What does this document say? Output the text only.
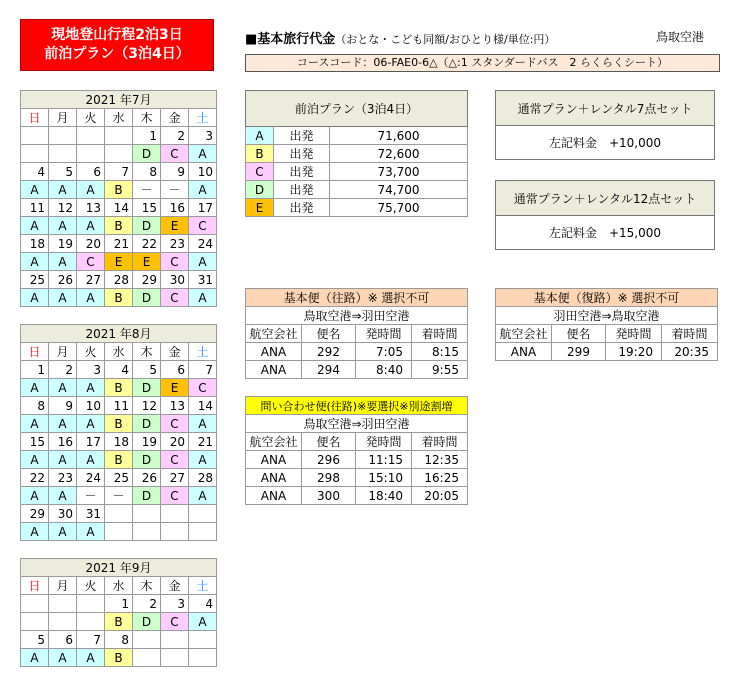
現地登山行程2泊3日
前泊プラン（3泊4日）
■基本旅行代金（おとな・こども同額/おひとり様/単位:円）	鳥取空港
コースコード：06-FAE0-6△（△:1 スタンダードバス　2 らくらくシート）
2021 年7月						
日	月	火	水	木	金	土
				1	2	3
				D	C	A
4	5	6	7	8	9	10
A	A	A	B	－	－	A
11	12	13	14	15	16	17
A	A	A	B	D	E	C
18	19	20	21	22	23	24
A	A	C	E	E	C	A
25	26	27	28	29	30	31
A	A	A	B	D	C	A
2021 年8月						
日	月	火	水	木	金	土
1	2	3	4	5	6	7
A	A	A	B	D	E	C
8	9	10	11	12	13	14
A	A	A	B	D	C	A
15	16	17	18	19	20	21
A	A	A	B	D	C	A
22	23	24	25	26	27	28
A	A	－	－	D	C	A
29	30	31				
A	A	A				
2021 年9月						
日	月	火	水	木	金	土
			1	2	3	4
			B	D	C	A
5	6	7	8			
A	A	A	B			
前泊プラン（3泊4日）		
A	出発	71,600
B	出発	72,600
C	出発	73,700
D	出発	74,700
E	出発	75,700
通常プラン＋レンタル7点セット
左記料金　+10,000
通常プラン＋レンタル12点セット
左記料金　+15,000
基本便（往路）※ 選択不可			
鳥取空港⇒羽田空港			
航空会社	便名	発時間	着時間
ANA	292	7:05	8:15
ANA	294	8:40	9:55
基本便（復路）※ 選択不可			
羽田空港⇒鳥取空港			
航空会社	便名	発時間	着時間
ANA	299	19:20	20:35
問い合わせ便(往路)※要選択※別途割増			
鳥取空港⇒羽田空港			
航空会社	便名	発時間	着時間
ANA	296	11:15	12:35
ANA	298	15:10	16:25
ANA	300	18:40	20:05
